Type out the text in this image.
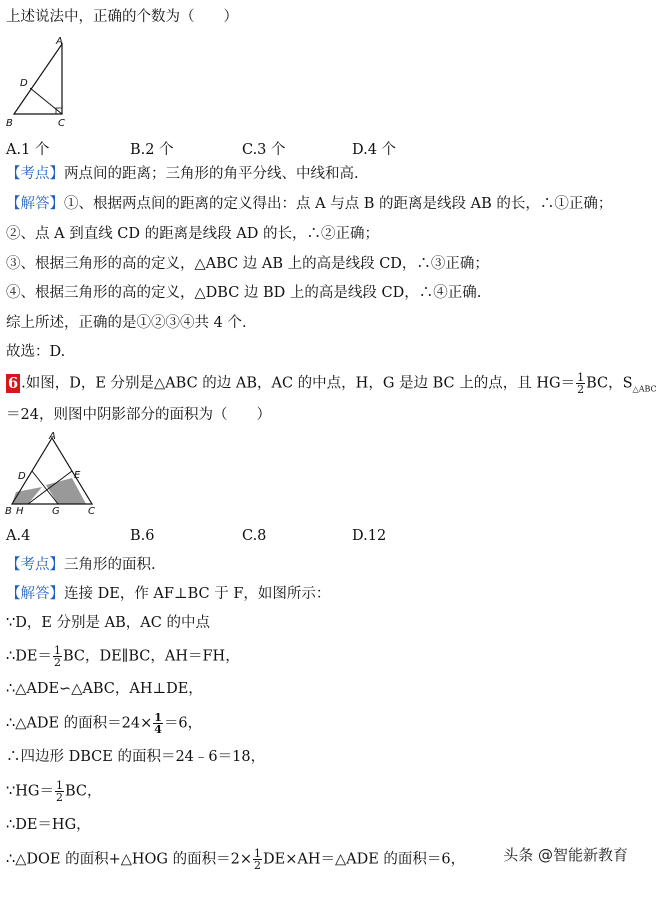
上述说法中，正确的个数为（　　）
A
D
B	C
A.1 个	B.2 个	C.3 个	D.4 个
【考点】两点间的距离；三角形的角平分线、中线和高.
【解答】①、根据两点间的距离的定义得出：点 A 与点 B 的距离是线段 AB 的长，∴①正确；
②、点 A 到直线 CD 的距离是线段 AD 的长，∴②正确；
③、根据三角形的高的定义，△ABC 边 AB 上的高是线段 CD，∴③正确；
④、根据三角形的高的定义，△DBC 边 BD 上的高是线段 CD，∴④正确.
综上所述，正确的是①②③④共 4 个.
故选：D.
6 .如图，D，E 分别是△ABC 的边 AB，AC 的中点，H，G 是边 BC 上的点，且 $HG= \frac{1}{2}$ BC，$S_{\triangle ABC}$
＝24，则图中阴影部分的面积为（　　）
A
D	E
B H	G	C
A.4	B.6	C.8	D.12
【考点】三角形的面积.
【解答】连接 DE，作 AF⊥BC 于 F，如图所示：
∵D，E 分别是 AB，AC 的中点
∴DE＝ $\frac{1}{2}$ BC，DE∥BC，AH＝FH，
∴△ADE∽△ABC，AH⊥DE，
∴△ADE 的面积$=24\times \frac{1}{4} =6$，
∴四边形 DBCE 的面积＝24﹣6＝18，
∵HG＝ $\frac{1}{2}$ BC，
∴DE＝HG，
∴△DOE 的面积+△HOG 的面积$=2\times \frac{1}{2}$ DE×AH＝△ADE 的面积＝6，	头条 @智能新教育
